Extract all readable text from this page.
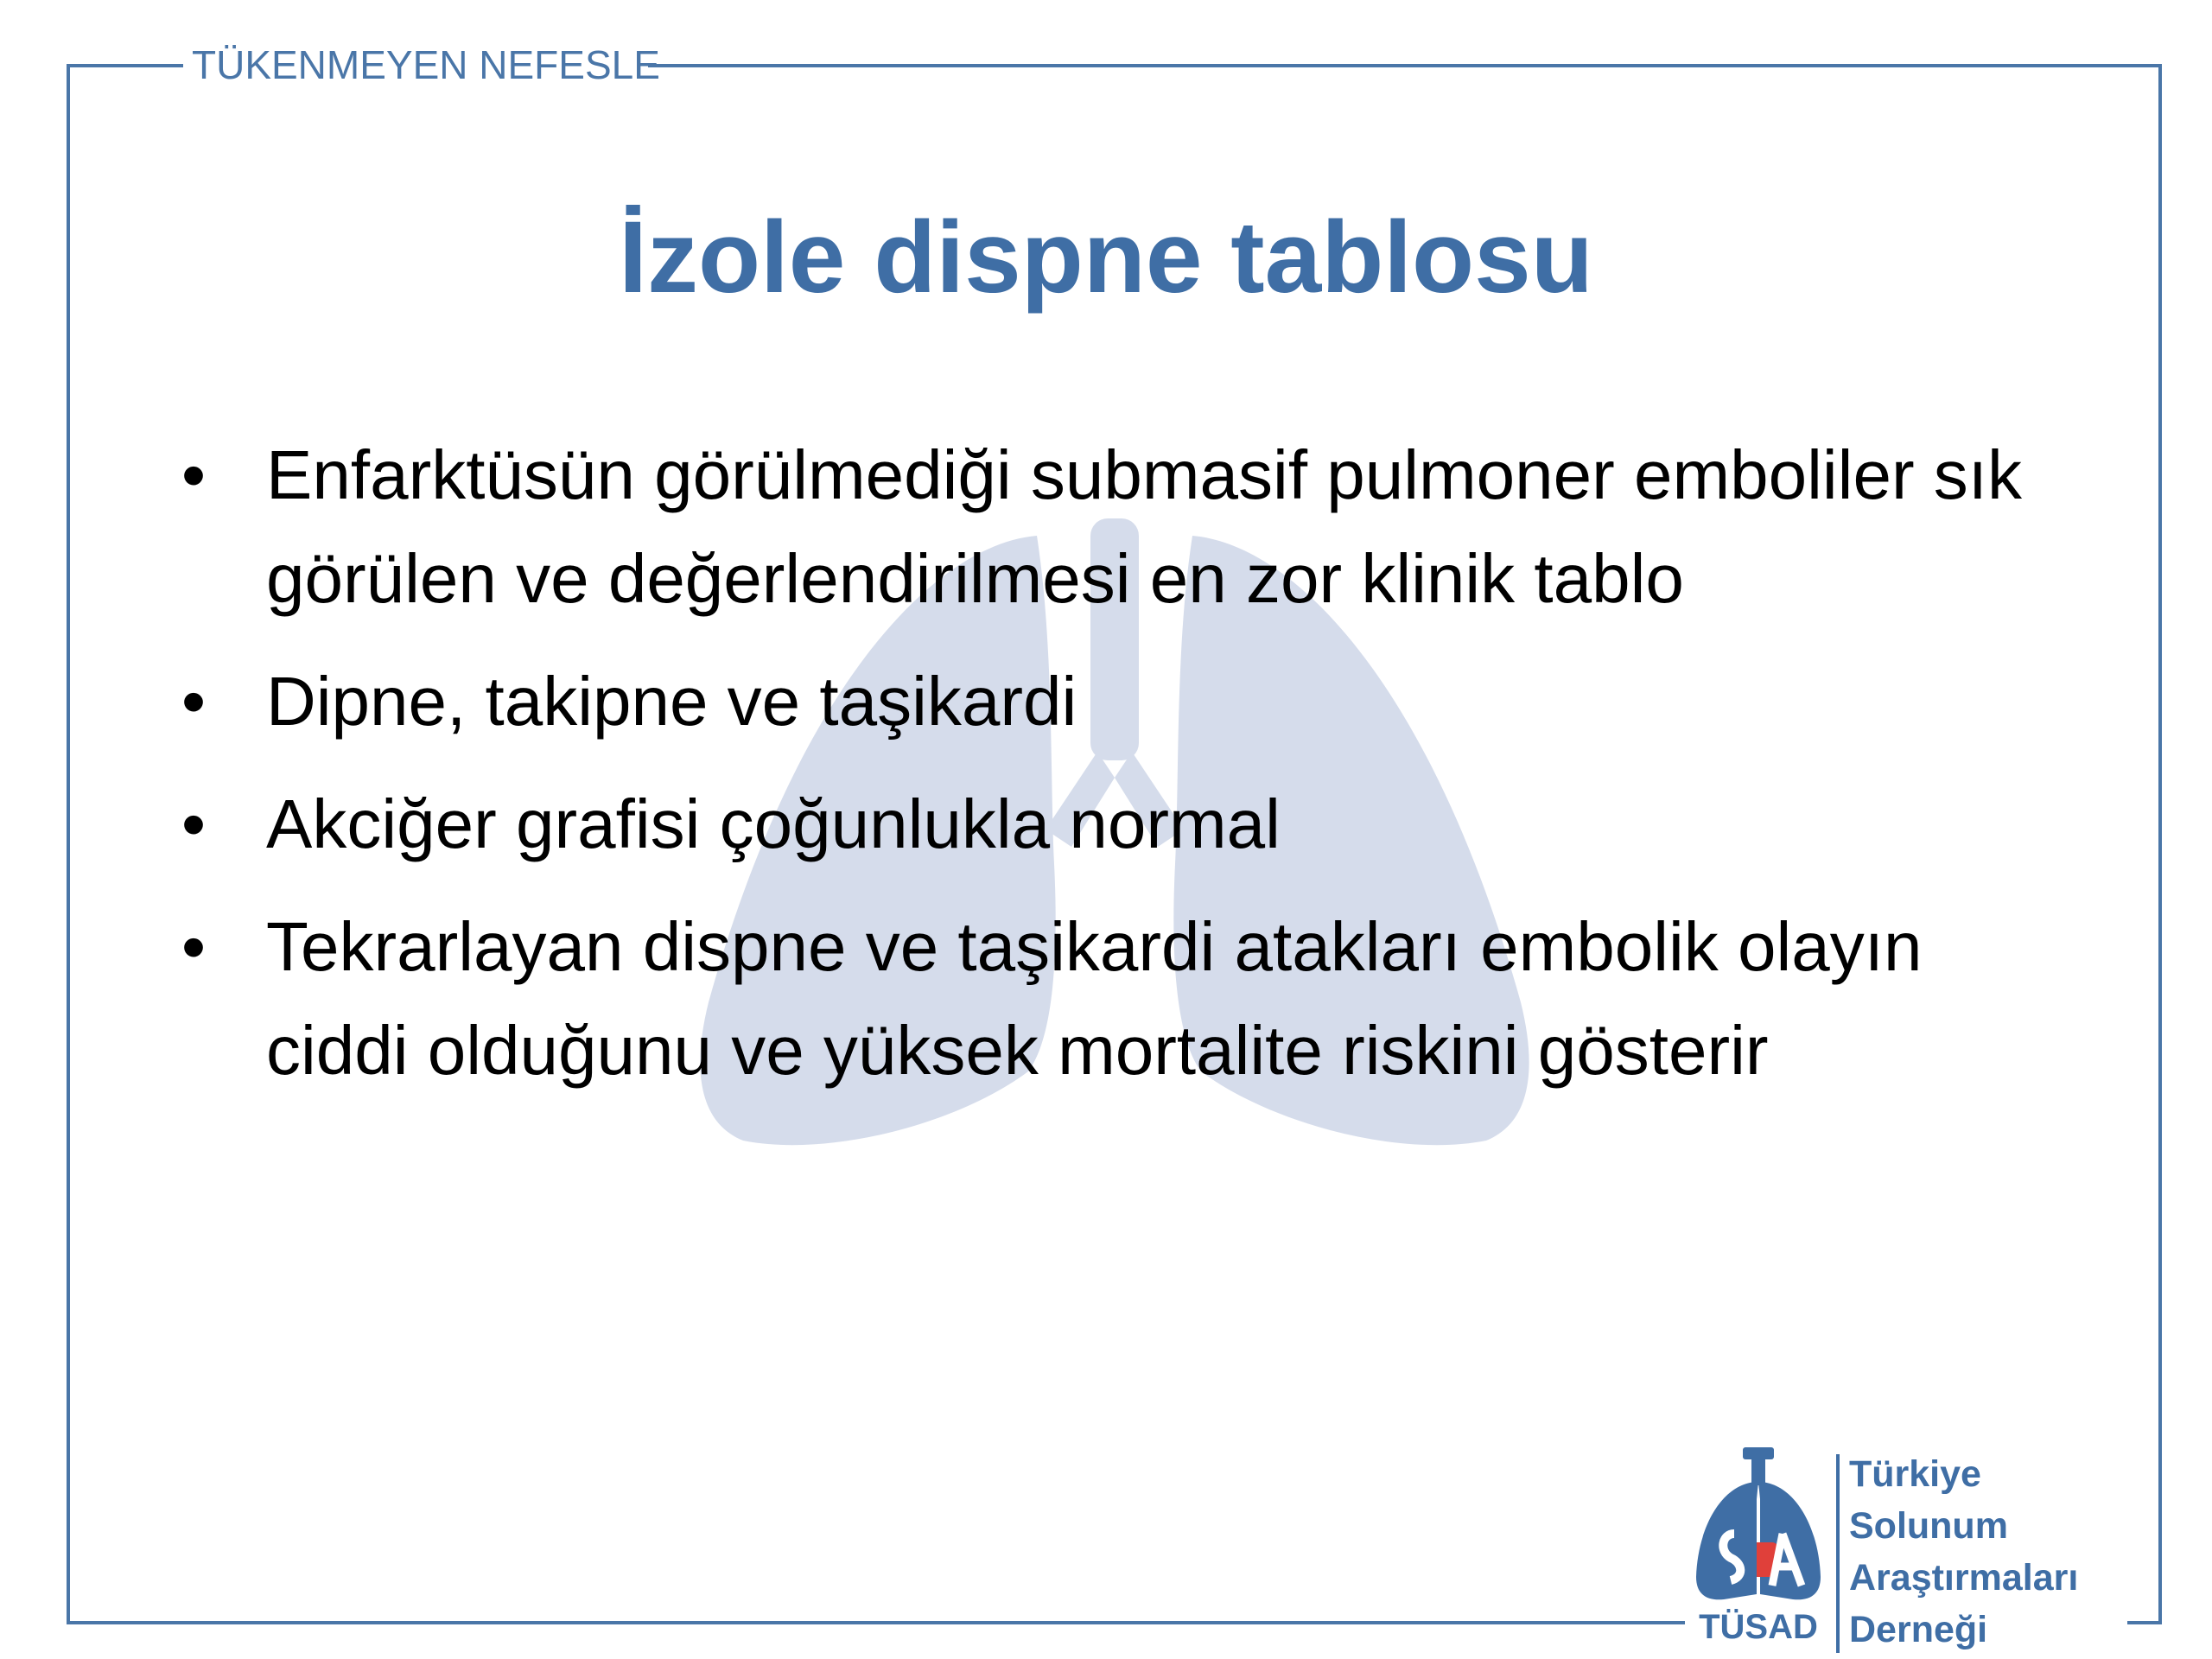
TÜKENMEYEN NEFESLE
İzole dispne tablosu
• Enfarktüsün görülmediği submasif pulmoner emboliler sık görülen ve değerlendirilmesi en zor klinik tablo
• Dipne, takipne ve taşikardi
• Akciğer grafisi çoğunlukla normal
• Tekrarlayan dispne ve taşikardi atakları embolik olayın ciddi olduğunu ve yüksek mortalite riskini gösterir
TÜSAD
Türkiye
Solunum
Araştırmaları
Derneği
